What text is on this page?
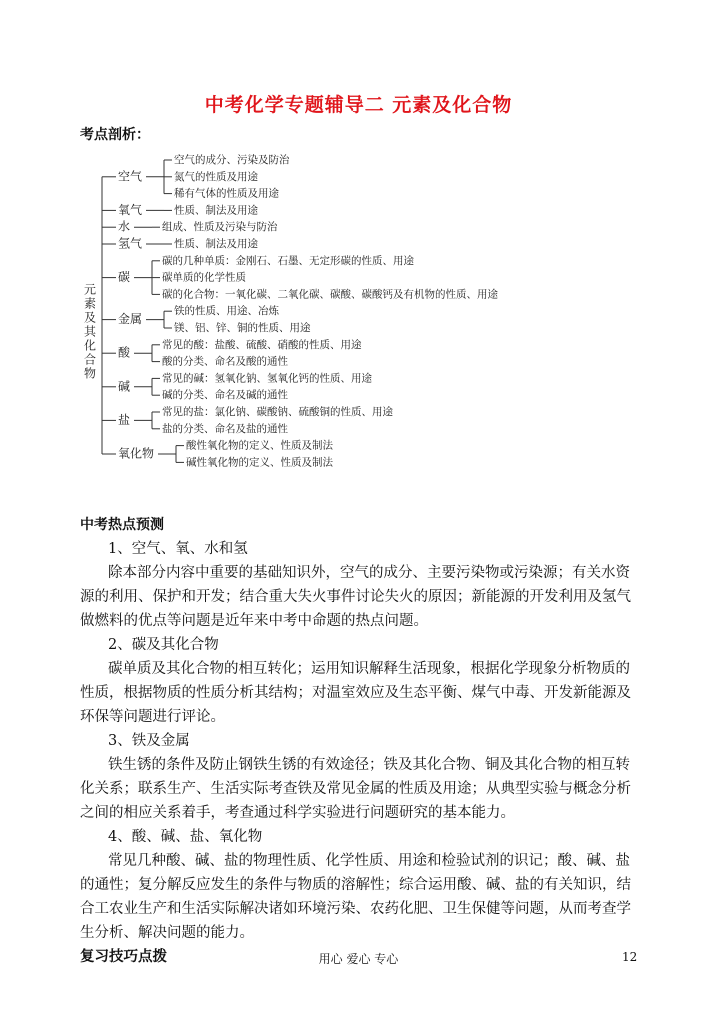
中考化学专题辅导二 元素及化合物
考点剖析：
元
素
及
其
化
合
物
空气
空气的成分、污染及防治
氮气的性质及用途
稀有气体的性质及用途
氧气	性质、制法及用途
水	组成、性质及污染与防治
氢气	性质、制法及用途
碳
碳的几种单质：金刚石、石墨、无定形碳的性质、用途
碳单质的化学性质
碳的化合物：一氧化碳、二氧化碳、碳酸、碳酸钙及有机物的性质、用途
金属
铁的性质、用途、冶炼
镁、铝、锌、铜的性质、用途
酸
常见的酸：盐酸、硫酸、硝酸的性质、用途
酸的分类、命名及酸的通性
碱
常见的碱：氢氧化钠、氢氧化钙的性质、用途
碱的分类、命名及碱的通性
盐
常见的盐：氯化钠、碳酸钠、硫酸铜的性质、用途
盐的分类、命名及盐的通性
氧化物
酸性氧化物的定义、性质及制法
碱性氧化物的定义、性质及制法
中考热点预测

1、空气、氧、水和氢

除本部分内容中重要的基础知识外，空气的成分、主要污染物或污染源；有关水资

源的利用、保护和开发；结合重大失火事件讨论失火的原因；新能源的开发利用及氢气

做燃料的优点等问题是近年来中考中命题的热点问题。

2、碳及其化合物

碳单质及其化合物的相互转化；运用知识解释生活现象，根据化学现象分析物质的

性质，根据物质的性质分析其结构；对温室效应及生态平衡、煤气中毒、开发新能源及

环保等问题进行评论。

3、铁及金属

铁生锈的条件及防止钢铁生锈的有效途径；铁及其化合物、铜及其化合物的相互转

化关系；联系生产、生活实际考查铁及常见金属的性质及用途；从典型实验与概念分析

之间的相应关系着手，考查通过科学实验进行问题研究的基本能力。

4、酸、碱、盐、氧化物

常见几种酸、碱、盐的物理性质、化学性质、用途和检验试剂的识记；酸、碱、盐

的通性；复分解反应发生的条件与物质的溶解性；综合运用酸、碱、盐的有关知识，结

合工农业生产和生活实际解决诸如环境污染、农药化肥、卫生保健等问题，从而考查学

生分析、解决问题的能力。

复习技巧点拨	用心 爱心 专心	12
